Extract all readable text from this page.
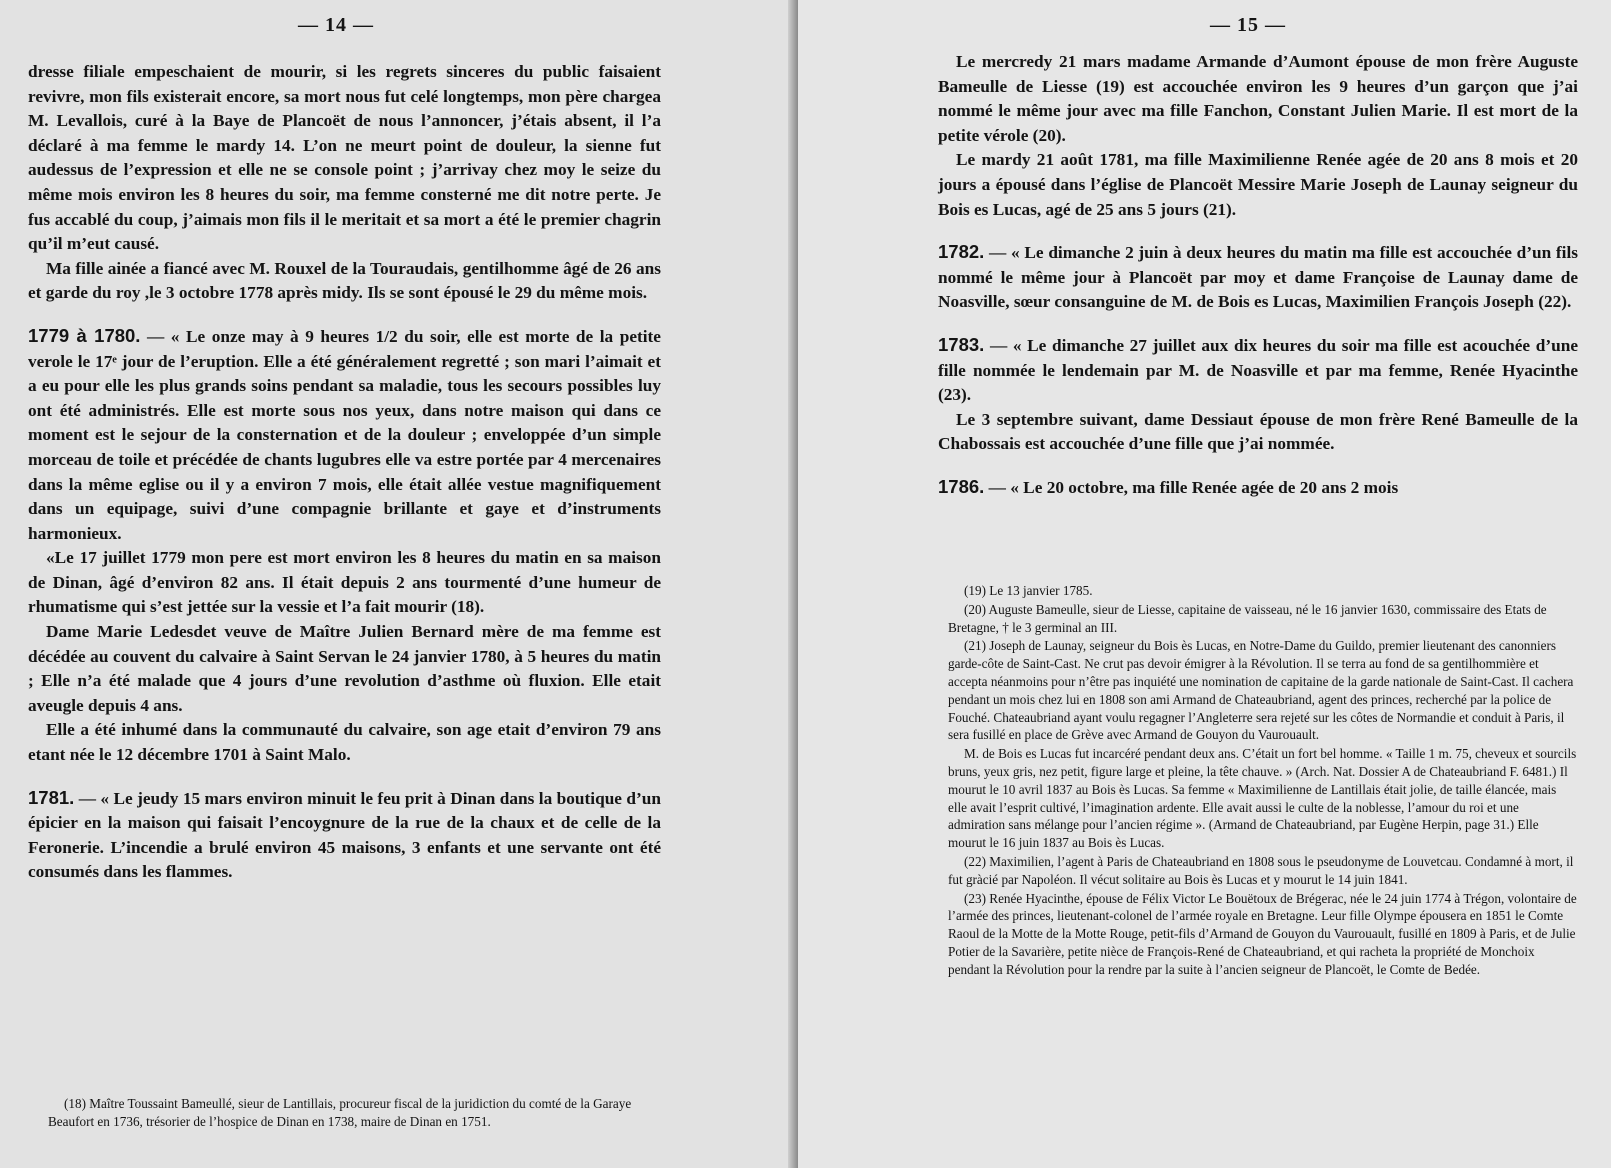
— 14 —

dresse filiale empeschaient de mourir, si les regrets sinceres du public faisaient revivre, mon fils existerait encore, sa mort nous fut celé longtemps, mon père chargea M. Levallois, curé à la Baye de Plancoët de nous l’annoncer, j’étais absent, il l’a déclaré à ma femme le mardy 14. L’on ne meurt point de douleur, la sienne fut audessus de l’expression et elle ne se console point ; j’arrivay chez moy le seize du même mois environ les 8 heures du soir, ma femme consterné me dit notre perte. Je fus accablé du coup, j’aimais mon fils il le meritait et sa mort a été le premier chagrin qu’il m’eut causé.

Ma fille ainée a fiancé avec M. Rouxel de la Touraudais, gentilhomme âgé de 26 ans et garde du roy ,le 3 octobre 1778 après midy. Ils se sont épousé le 29 du même mois.

1779 à 1780. — « Le onze may à 9 heures 1/2 du soir, elle est morte de la petite verole le 17ᵉ jour de l’eruption. Elle a été généralement regretté ; son mari l’aimait et a eu pour elle les plus grands soins pendant sa maladie, tous les secours possibles luy ont été administrés. Elle est morte sous nos yeux, dans notre maison qui dans ce moment est le sejour de la consternation et de la douleur ; enveloppée d’un simple morceau de toile et précédée de chants lugubres elle va estre portée par 4 mercenaires dans la même eglise ou il y a environ 7 mois, elle était allée vestue magnifiquement dans un equipage, suivi d’une compagnie brillante et gaye et d’instruments harmonieux.

«Le 17 juillet 1779 mon pere est mort environ les 8 heures du matin en sa maison de Dinan, âgé d’environ 82 ans. Il était depuis 2 ans tourmenté d’une humeur de rhumatisme qui s’est jettée sur la vessie et l’a fait mourir (18).

Dame Marie Ledesdet veuve de Maître Julien Bernard mère de ma femme est décédée au couvent du calvaire à Saint Servan le 24 janvier 1780, à 5 heures du matin ; Elle n’a été malade que 4 jours d’une revolution d’asthme où fluxion. Elle etait aveugle depuis 4 ans.

Elle a été inhumé dans la communauté du calvaire, son age etait d’environ 79 ans etant née le 12 décembre 1701 à Saint Malo.

1781. — « Le jeudy 15 mars environ minuit le feu prit à Dinan dans la boutique d’un épicier en la maison qui faisait l’encoygnure de la rue de la chaux et de celle de la Feronerie. L’incendie a brulé environ 45 maisons, 3 enfants et une servante ont été consumés dans les flammes.

(18) Maître Toussaint Bameullé, sieur de Lantillais, procureur fiscal de la juridiction du comté de la Garaye Beaufort en 1736, trésorier de l’hospice de Dinan en 1738, maire de Dinan en 1751.

— 15 —

Le mercredy 21 mars madame Armande d’Aumont épouse de mon frère Auguste Bameulle de Liesse (19) est accouchée environ les 9 heures d’un garçon que j’ai nommé le même jour avec ma fille Fanchon, Constant Julien Marie. Il est mort de la petite vérole (20).

Le mardy 21 août 1781, ma fille Maximilienne Renée agée de 20 ans 8 mois et 20 jours a épousé dans l’église de Plancoët Messire Marie Joseph de Launay seigneur du Bois es Lucas, agé de 25 ans 5 jours (21).

1782. — « Le dimanche 2 juin à deux heures du matin ma fille est accouchée d’un fils nommé le même jour à Plancoët par moy et dame Françoise de Launay dame de Noasville, sœur consanguine de M. de Bois es Lucas, Maximilien François Joseph (22).

1783. — « Le dimanche 27 juillet aux dix heures du soir ma fille est acouchée d’une fille nommée le lendemain par M. de Noasville et par ma femme, Renée Hyacinthe (23).

Le 3 septembre suivant, dame Dessiaut épouse de mon frère René Bameulle de la Chabossais est accouchée d’une fille que j’ai nommée.

1786. — « Le 20 octobre, ma fille Renée agée de 20 ans 2 mois

(19) Le 13 janvier 1785.

(20) Auguste Bameulle, sieur de Liesse, capitaine de vaisseau, né le 16 janvier 1630, commissaire des Etats de Bretagne, † le 3 germinal an III.

(21) Joseph de Launay, seigneur du Bois ès Lucas, en Notre-Dame du Guildo, premier lieutenant des canonniers garde-côte de Saint-Cast. Ne crut pas devoir émigrer à la Révolution. Il se terra au fond de sa gentilhommière et accepta néanmoins pour n’être pas inquiété une nomination de capitaine de la garde nationale de Saint-Cast. Il cachera pendant un mois chez lui en 1808 son ami Armand de Chateaubriand, agent des princes, recherché par la police de Fouché. Chateaubriand ayant voulu regagner l’Angleterre sera rejeté sur les côtes de Normandie et conduit à Paris, il sera fusillé en place de Grève avec Armand de Gouyon du Vaurouault.

M. de Bois es Lucas fut incarcéré pendant deux ans. C’était un fort bel homme. « Taille 1 m. 75, cheveux et sourcils bruns, yeux gris, nez petit, figure large et pleine, la tête chauve. » (Arch. Nat. Dossier A de Chateaubriand F. 6481.) Il mourut le 10 avril 1837 au Bois ès Lucas. Sa femme « Maximilienne de Lantillais était jolie, de taille élancée, mais elle avait l’esprit cultivé, l’imagination ardente. Elle avait aussi le culte de la noblesse, l’amour du roi et une admiration sans mélange pour l’ancien régime ». (Armand de Chateaubriand, par Eugène Herpin, page 31.) Elle mourut le 16 juin 1837 au Bois ès Lucas.

(22) Maximilien, l’agent à Paris de Chateaubriand en 1808 sous le pseudonyme de Louvetcau. Condamné à mort, il fut gràcié par Napoléon. Il vécut solitaire au Bois ès Lucas et y mourut le 14 juin 1841.

(23) Renée Hyacinthe, épouse de Félix Victor Le Bouëtoux de Brégerac, née le 24 juin 1774 à Trégon, volontaire de l’armée des princes, lieutenant-colonel de l’armée royale en Bretagne. Leur fille Olympe épousera en 1851 le Comte Raoul de la Motte de la Motte Rouge, petit-fils d’Armand de Gouyon du Vaurouault, fusillé en 1809 à Paris, et de Julie Potier de la Savarière, petite nièce de François-René de Chateaubriand, et qui racheta la propriété de Monchoix pendant la Révolution pour la rendre par la suite à l’ancien seigneur de Plancoët, le Comte de Bedée.
